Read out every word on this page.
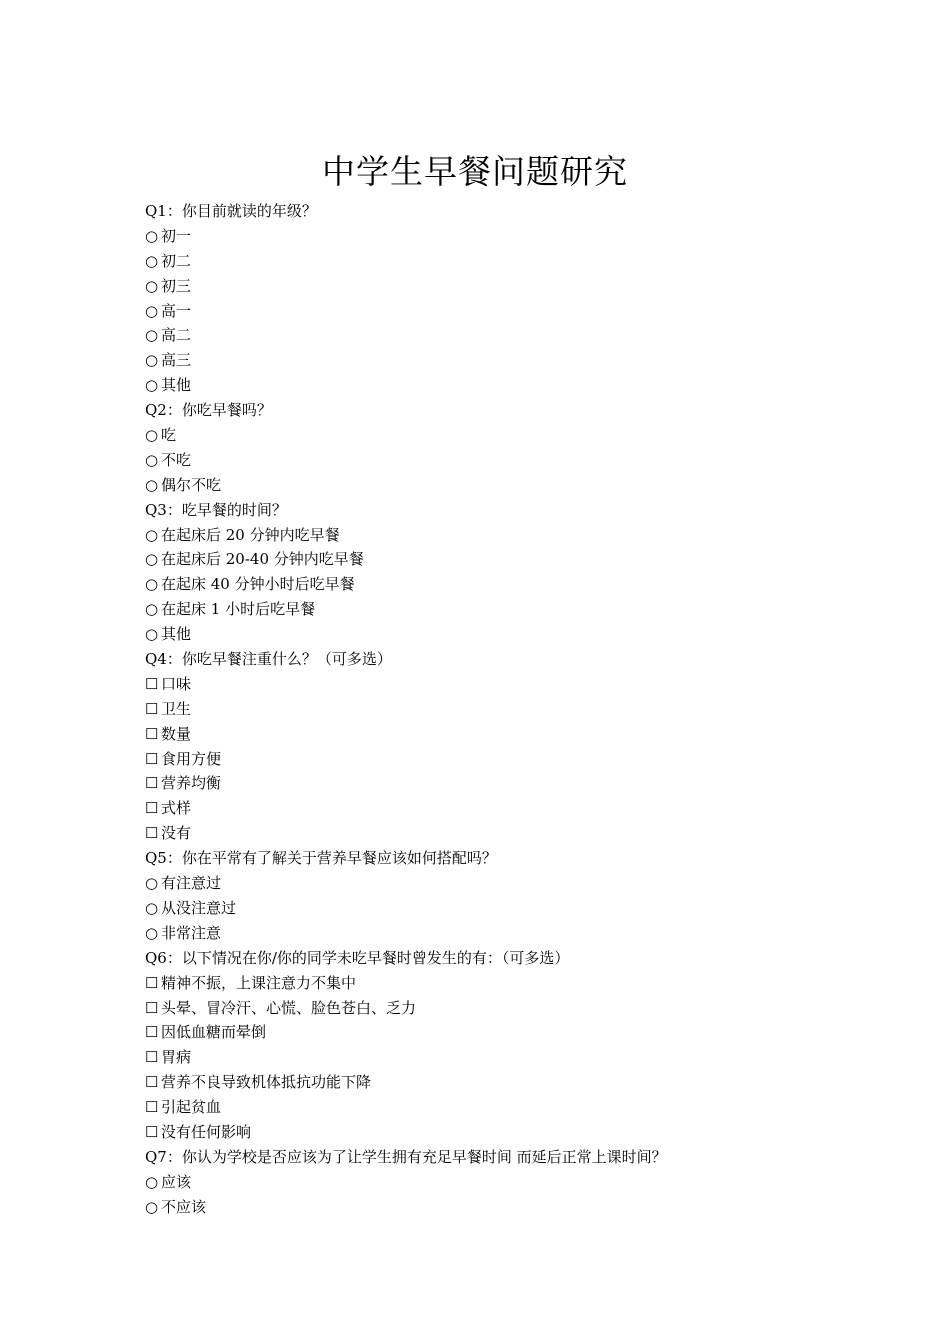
中学生早餐问题研究
Q1：你目前就读的年级？
○ 初一
○ 初二
○ 初三
○ 高一
○ 高二
○ 高三
○ 其他
Q2：你吃早餐吗？
○ 吃
○ 不吃
○ 偶尔不吃
Q3：吃早餐的时间？
○ 在起床后 20 分钟内吃早餐
○ 在起床后 20-40 分钟内吃早餐
○ 在起床 40 分钟小时后吃早餐
○ 在起床 1 小时后吃早餐
○ 其他
Q4：你吃早餐注重什么？（可多选）
☐ 口味
☐ 卫生
☐ 数量
☐ 食用方便
☐ 营养均衡
☐ 式样
☐ 没有
Q5：你在平常有了解关于营养早餐应该如何搭配吗？
○ 有注意过
○ 从没注意过
○ 非常注意
Q6：以下情况在你/你的同学未吃早餐时曾发生的有：（可多选）
☐ 精神不振，上课注意力不集中
☐ 头晕、冒冷汗、心慌、脸色苍白、乏力
☐ 因低血糖而晕倒
☐ 胃病
☐ 营养不良导致机体抵抗功能下降
☐ 引起贫血
☐ 没有任何影响
Q7：你认为学校是否应该为了让学生拥有充足早餐时间 而延后正常上课时间？
○ 应该
○ 不应该
